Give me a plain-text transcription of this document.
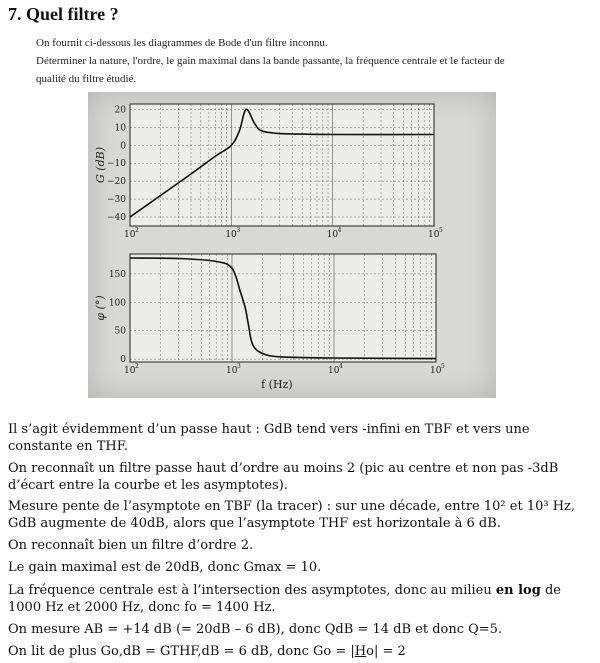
7. Quel filtre ?
On fournit ci-dessous les diagrammes de Bode d'un filtre inconnu.
Déterminer la nature, l'ordre, le gain maximal dans la bande passante, la fréquence centrale et le facteur de
qualité du filtre étudié.
20
10
0
−10
−20
−30
−40
10 2	10 3	10 4	10 5
G (dB)
150
100
50
0
10 2	10 3	10 4	10 5
φ (°)
f (Hz)
Il s’agit évidemment d’un passe haut : GdB tend vers -infini en TBF et vers une constante en THF.
On reconnaît un filtre passe haut d’ordre au moins 2 (pic au centre et non pas -3dB d’écart entre la courbe et les asymptotes).
Mesure pente de l’asymptote en TBF (la tracer) : sur une décade, entre 10² et 10³ Hz, GdB augmente de 40dB, alors que l’asymptote THF est horizontale à 6 dB.
On reconnaît bien un filtre d’ordre 2.
Le gain maximal est de 20dB, donc Gmax = 10.
La fréquence centrale est à l’intersection des asymptotes, donc au milieu en log de 1000 Hz et 2000 Hz, donc fo = 1400 Hz.
On mesure AB = +14 dB (= 20dB – 6 dB), donc QdB = 14 dB et donc Q=5.
On lit de plus Go,dB = GTHF,dB = 6 dB, donc Go = |Ho| = 2
